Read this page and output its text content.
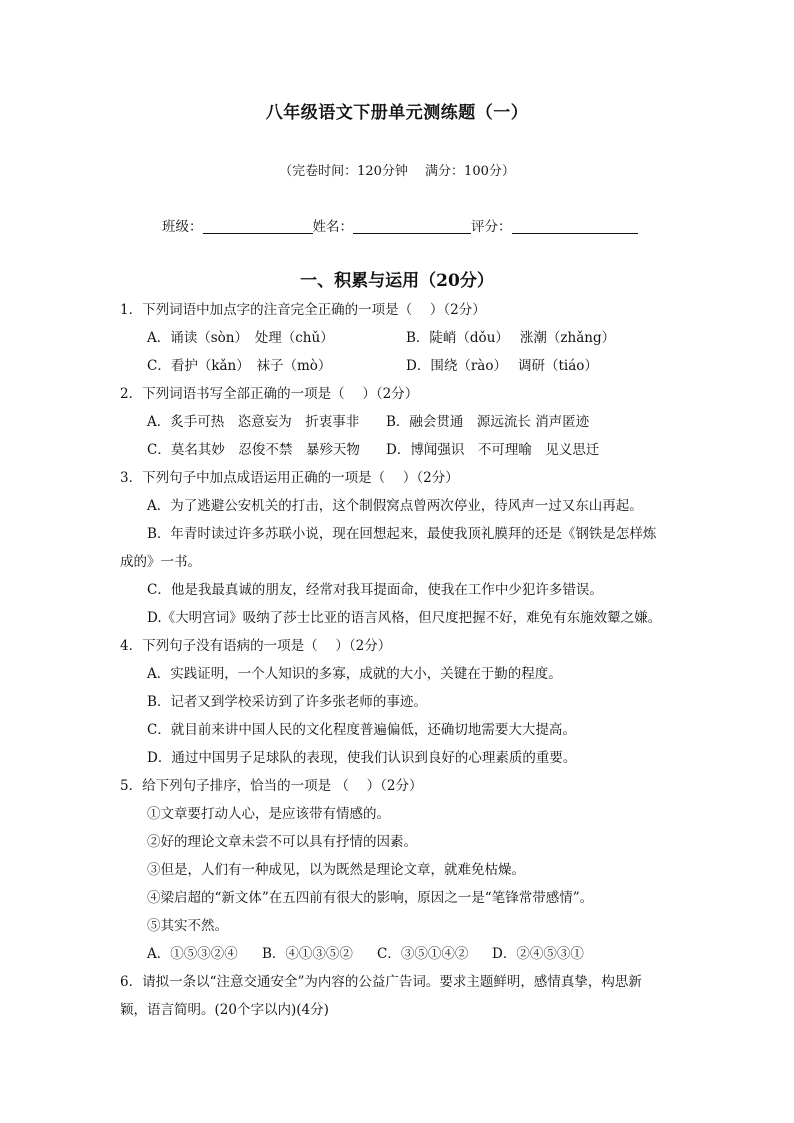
八年级语文下册单元测练题（一）
（完卷时间：120分钟　 满分：100分）
班级：	姓名：	评分：
一、积累与运用（20分）
1．下列词语中加点字的注音完全正确的一项是（　 ）（2分）
A．诵读（sòn）　处理（chǔ）	B．陡峭（dǒu）　 涨潮（zhǎng）
C．看护（kǎn）　袜子（mò）	D．围绕（rào）　 调研（tiáo）
2．下列词语书写全部正确的一项是（　 ）（2分）
A．炙手可热　恣意妄为　折衷事非 B．融会贯通　源远流长 消声匿迹
C．莫名其妙　忍俊不禁　暴殄天物 D．博闻强识　不可理喻　见义思迁
3．下列句子中加点成语运用正确的一项是（　 ）（2分）
A．为了逃避公安机关的打击，这个制假窝点曾两次停业，待风声一过又东山再起。
B．年青时读过许多苏联小说，现在回想起来，最使我顶礼膜拜的还是《钢铁是怎样炼
成的》一书。
C．他是我最真诚的朋友，经常对我耳提面命，使我在工作中少犯许多错误。
D.《大明宫词》吸纳了莎士比亚的语言风格，但尺度把握不好，难免有东施效颦之嫌。
4．下列句子没有语病的一项是（　 ）（2分）
A．实践证明，一个人知识的多寡，成就的大小，关键在于勤的程度。
B．记者又到学校采访到了许多张老师的事迹。
C．就目前来讲中国人民的文化程度普遍偏低，还确切地需要大大提高。
D．通过中国男子足球队的表现，使我们认识到良好的心理素质的重要。
5．给下列句子排序，恰当的一项是 （　 ）（2分）
①文章要打动人心，是应该带有情感的。
②好的理论文章未尝不可以具有抒情的因素。
③但是，人们有一种成见，以为既然是理论文章，就难免枯燥。
④梁启超的“新文体”在五四前有很大的影响，原因之一是“笔锋常带感情”。
⑤其实不然。
A．①⑤③②④ B．④①③⑤② C．③⑤①④② D．②④⑤③①
6．请拟一条以“注意交通安全”为内容的公益广告词。要求主题鲜明，感情真挚，构思新
颖，语言简明。(20个字以内)(4分)
